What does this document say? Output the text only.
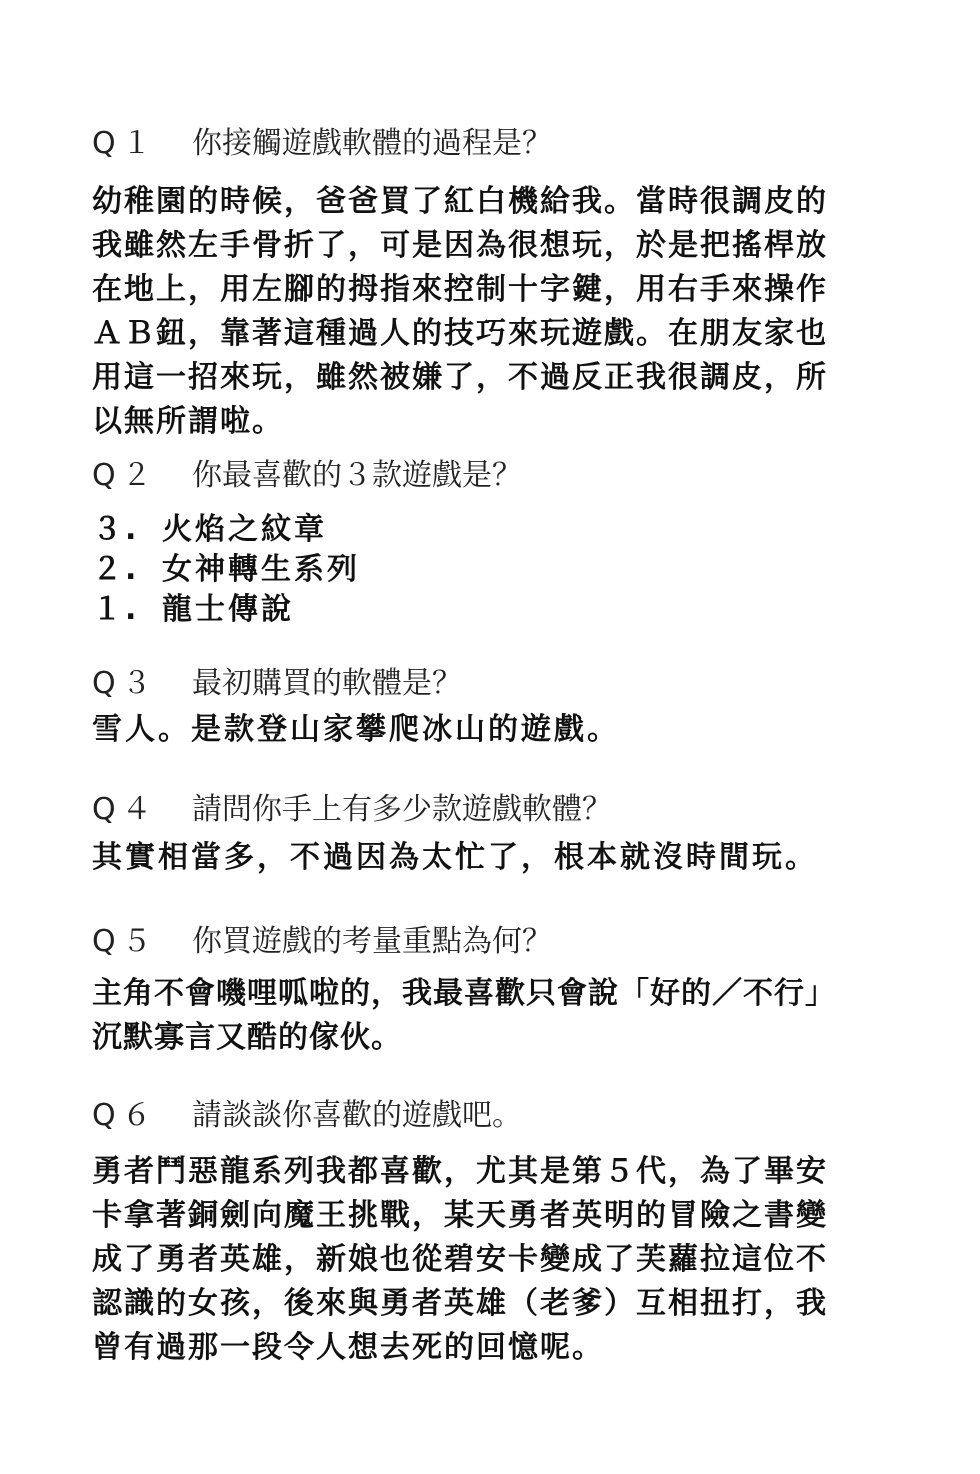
Q１	你接觸遊戲軟體的過程是？
幼稚園的時候，爸爸買了紅白機給我。當時很調皮的
我雖然左手骨折了，可是因為很想玩，於是把搖桿放
在地上，用左腳的拇指來控制十字鍵，用右手來操作
ＡＢ鈕，靠著這種過人的技巧來玩遊戲。在朋友家也
用這一招來玩，雖然被嫌了，不過反正我很調皮，所
以無所謂啦。
Q２	你最喜歡的３款遊戲是？
３. 火焰之紋章
２. 女神轉生系列
１. 龍士傳說
Q３	最初購買的軟體是？
雪人。是款登山家攀爬冰山的遊戲。
Q４	請問你手上有多少款遊戲軟體？
其實相當多，不過因為太忙了，根本就沒時間玩。
Q５	你買遊戲的考量重點為何？
主角不會嘰哩呱啦的，我最喜歡只會說「好的／不行」
沉默寡言又酷的傢伙。
Q６	請談談你喜歡的遊戲吧。
勇者鬥惡龍系列我都喜歡，尤其是第５代，為了畢安
卡拿著銅劍向魔王挑戰，某天勇者英明的冒險之書變
成了勇者英雄，新娘也從碧安卡變成了芙蘿拉這位不
認識的女孩，後來與勇者英雄（老爹）互相扭打，我
曾有過那一段令人想去死的回憶呢。
